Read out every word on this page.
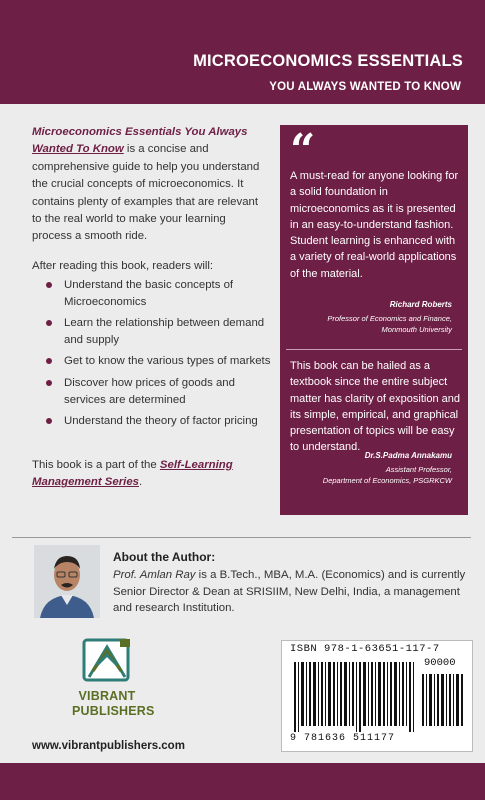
MICROECONOMICS ESSENTIALS
YOU ALWAYS WANTED TO KNOW
Microeconomics Essentials You Always Wanted To Know is a concise and comprehensive guide to help you understand the crucial concepts of microeconomics. It contains plenty of examples that are relevant to the real world to make your learning process a smooth ride.
After reading this book, readers will:
Understand the basic concepts of Microeconomics
Learn the relationship between demand and supply
Get to know the various types of markets
Discover how prices of goods and services are determined
Understand the theory of factor pricing
This book is a part of the Self-Learning Management Series.
“
A must-read for anyone looking for a solid foundation in microeconomics as it is presented in an easy-to-understand fashion. Student learning is enhanced with a variety of real-world applications of the material.
Richard Roberts
Professor of Economics and Finance,
Monmouth University
This book can be hailed as a textbook since the entire subject matter has clarity of exposition and its simple, empirical, and graphical presentation of topics will be easy to understand.
Dr.S.Padma Annakamu
Assistant Professor,
Department of Economics, PSGRKCW
About the Author:
Prof. Amlan Ray is a B.Tech., MBA, M.A. (Economics) and is currently Senior Director & Dean at SRISIIM, New Delhi, India, a management and research Institution.
VIBRANT
PUBLISHERS
www.vibrantpublishers.com
ISBN 978-1-63651-117-7
90000
9 781636 511177
